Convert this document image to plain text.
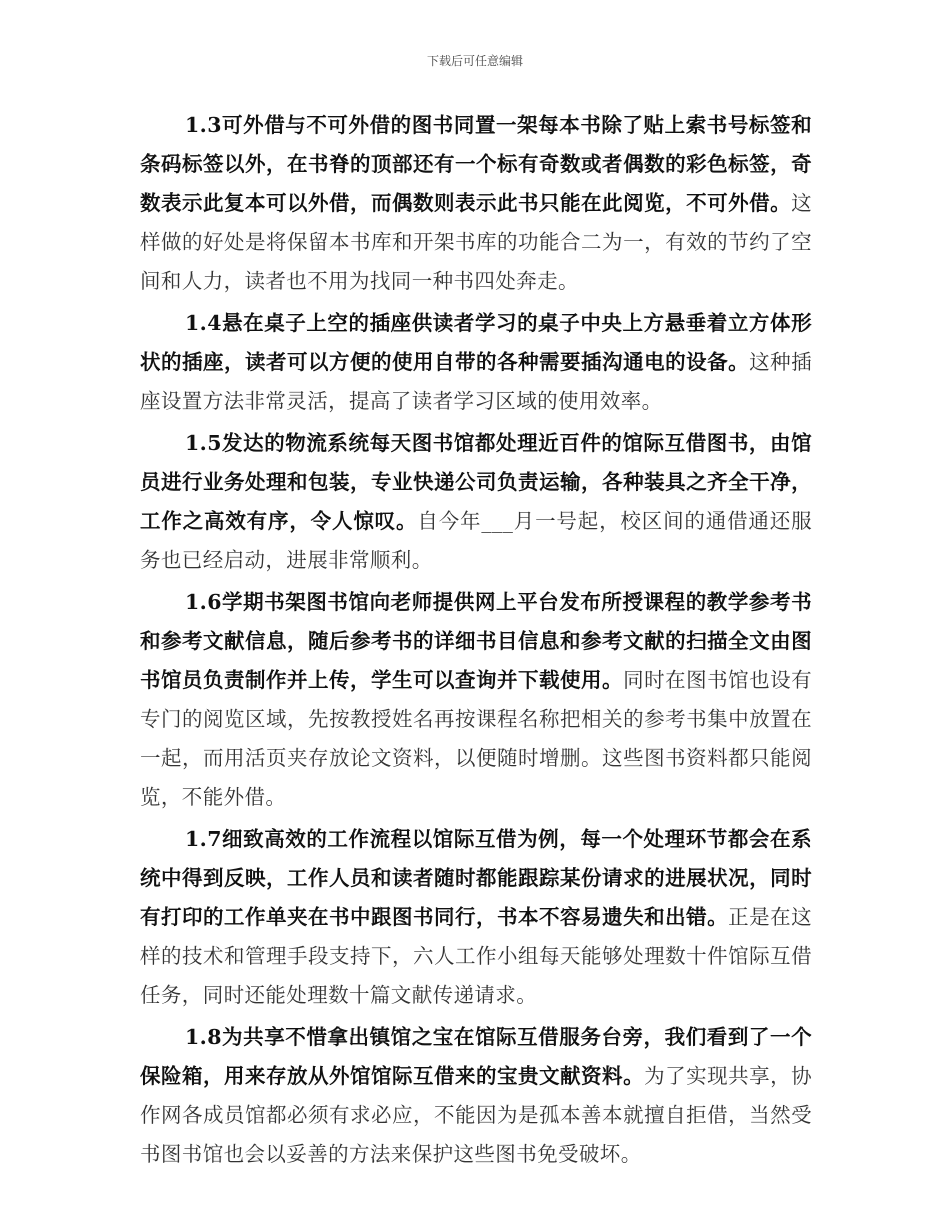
下载后可任意编辑

1.3可外借与不可外借的图书同置一架每本书除了贴上索书号标签和条码标签以外，在书脊的顶部还有一个标有奇数或者偶数的彩色标签，奇数表示此复本可以外借，而偶数则表示此书只能在此阅览，不可外借。这样做的好处是将保留本书库和开架书库的功能合二为一，有效的节约了空间和人力，读者也不用为找同一种书四处奔走。

1.4悬在桌子上空的插座供读者学习的桌子中央上方悬垂着立方体形状的插座，读者可以方便的使用自带的各种需要插沟通电的设备。这种插座设置方法非常灵活，提高了读者学习区域的使用效率。

1.5发达的物流系统每天图书馆都处理近百件的馆际互借图书，由馆员进行业务处理和包装，专业快递公司负责运输，各种装具之齐全干净，工作之高效有序，令人惊叹。自今年___月一号起，校区间的通借通还服务也已经启动，进展非常顺利。

1.6学期书架图书馆向老师提供网上平台发布所授课程的教学参考书和参考文献信息，随后参考书的详细书目信息和参考文献的扫描全文由图书馆员负责制作并上传，学生可以查询并下载使用。同时在图书馆也设有专门的阅览区域，先按教授姓名再按课程名称把相关的参考书集中放置在一起，而用活页夹存放论文资料，以便随时增删。这些图书资料都只能阅览，不能外借。

1.7细致高效的工作流程以馆际互借为例，每一个处理环节都会在系统中得到反映，工作人员和读者随时都能跟踪某份请求的进展状况，同时有打印的工作单夹在书中跟图书同行，书本不容易遗失和出错。正是在这样的技术和管理手段支持下，六人工作小组每天能够处理数十件馆际互借任务，同时还能处理数十篇文献传递请求。

1.8为共享不惜拿出镇馆之宝在馆际互借服务台旁，我们看到了一个保险箱，用来存放从外馆馆际互借来的宝贵文献资料。为了实现共享，协作网各成员馆都必须有求必应，不能因为是孤本善本就擅自拒借，当然受书图书馆也会以妥善的方法来保护这些图书免受破坏。
